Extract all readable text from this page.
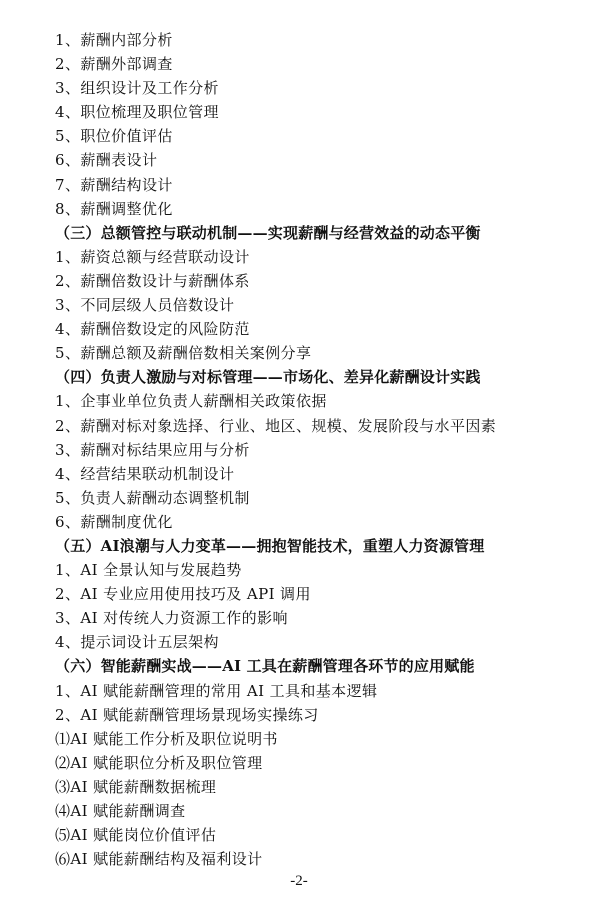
1、薪酬内部分析
2、薪酬外部调查
3、组织设计及工作分析
4、职位梳理及职位管理
5、职位价值评估
6、薪酬表设计
7、薪酬结构设计
8、薪酬调整优化
（三）总额管控与联动机制——实现薪酬与经营效益的动态平衡
1、薪资总额与经营联动设计
2、薪酬倍数设计与薪酬体系
3、不同层级人员倍数设计
4、薪酬倍数设定的风险防范
5、薪酬总额及薪酬倍数相关案例分享
（四）负责人激励与对标管理——市场化、差异化薪酬设计实践
1、企事业单位负责人薪酬相关政策依据
2、薪酬对标对象选择、行业、地区、规模、发展阶段与水平因素
3、薪酬对标结果应用与分析
4、经营结果联动机制设计
5、负责人薪酬动态调整机制
6、薪酬制度优化
（五）AI浪潮与人力变革——拥抱智能技术，重塑人力资源管理
1、AI 全景认知与发展趋势
2、AI 专业应用使用技巧及 API 调用
3、AI 对传统人力资源工作的影响
4、提示词设计五层架构
（六）智能薪酬实战——AI 工具在薪酬管理各环节的应用赋能
1、AI 赋能薪酬管理的常用 AI 工具和基本逻辑
2、AI 赋能薪酬管理场景现场实操练习
⑴AI 赋能工作分析及职位说明书
⑵AI 赋能职位分析及职位管理
⑶AI 赋能薪酬数据梳理
⑷AI 赋能薪酬调查
⑸AI 赋能岗位价值评估
⑹AI 赋能薪酬结构及福利设计
-2-
